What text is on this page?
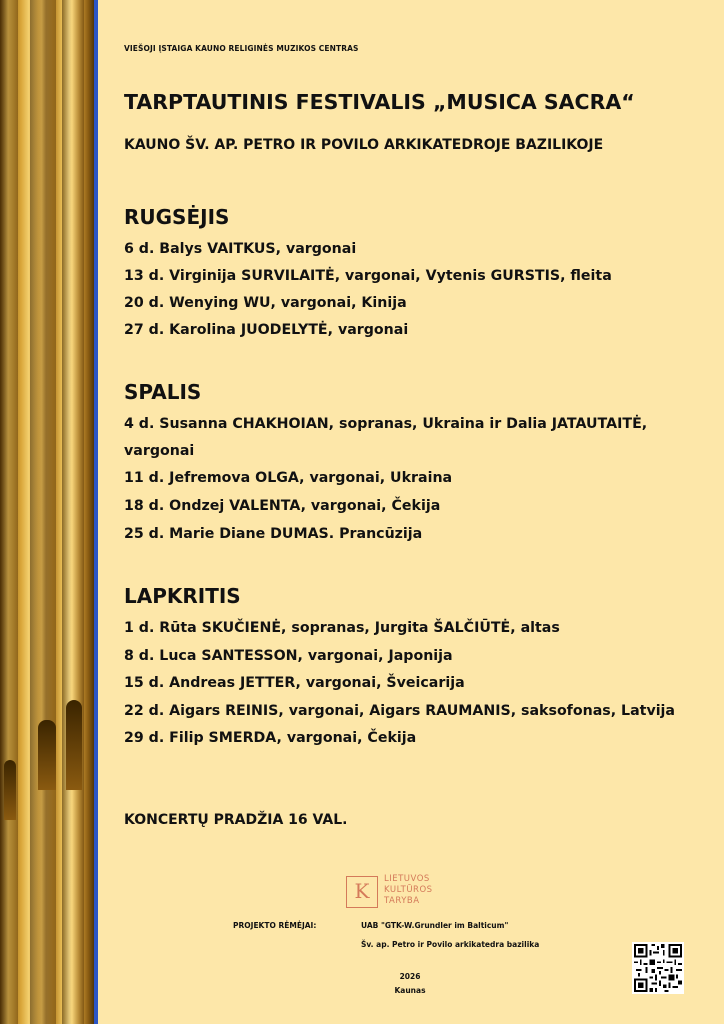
VIEŠOJI ĮSTAIGA KAUNO RELIGINĖS MUZIKOS CENTRAS
TARPTAUTINIS FESTIVALIS „MUSICA SACRA“
KAUNO ŠV. AP. PETRO IR POVILO ARKIKATEDROJE BAZILIKOJE
RUGSĖJIS
6 d. Balys VAITKUS, vargonai
13 d. Virginija SURVILAITĖ, vargonai, Vytenis GURSTIS, fleita
20 d. Wenying WU, vargonai, Kinija
27 d. Karolina JUODELYTĖ, vargonai
SPALIS
4 d. Susanna CHAKHOIAN, sopranas, Ukraina ir Dalia JATAUTAITĖ,
vargonai
11 d. Jefremova OLGA, vargonai, Ukraina
18 d. Ondzej VALENTA, vargonai, Čekija
25 d. Marie Diane DUMAS. Prancūzija
LAPKRITIS
1 d. Rūta SKUČIENĖ, sopranas, Jurgita ŠALČIŪTĖ, altas
8 d. Luca SANTESSON, vargonai, Japonija
15 d. Andreas JETTER, vargonai, Šveicarija
22 d. Aigars REINIS, vargonai, Aigars RAUMANIS, saksofonas, Latvija
29 d. Filip SMERDA, vargonai, Čekija
KONCERTŲ PRADŽIA 16 VAL.
K	LIETUVOS
KULTŪROS
TARYBA
PROJEKTO RĖMĖJAI:	UAB "GTK-W.Grundler im Balticum"
Šv. ap. Petro ir Povilo arkikatedra bazilika
2026
Kaunas
